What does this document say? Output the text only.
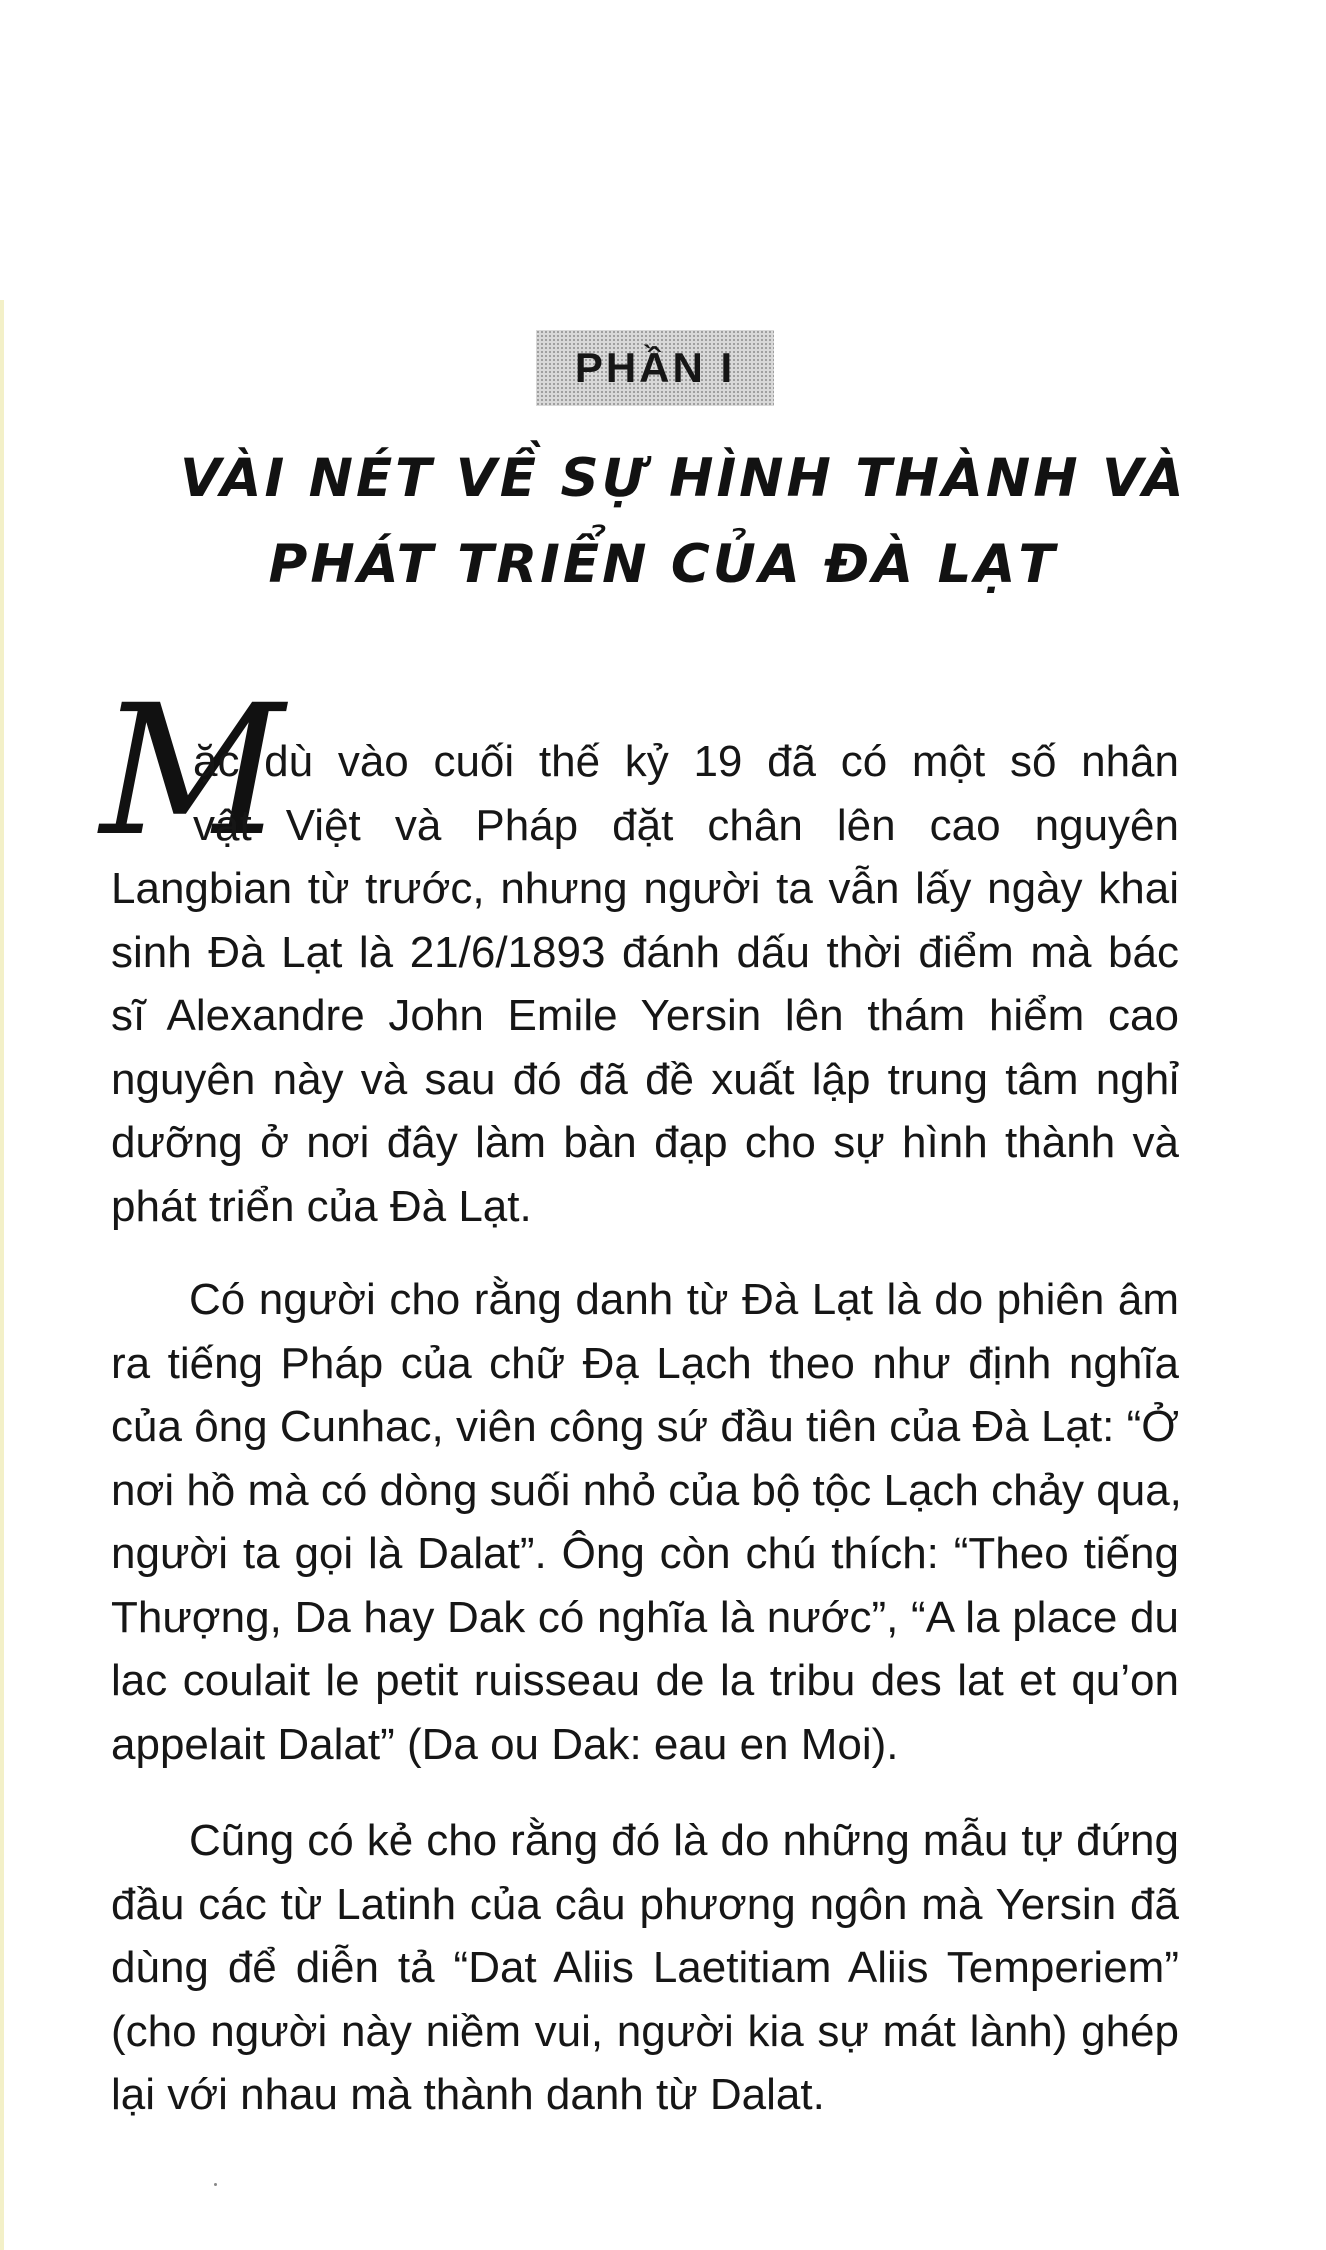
PHẦN I
VÀI NÉT VỀ SỰ HÌNH THÀNH VÀ
PHÁT TRIỂN CỦA ĐÀ LẠT
M
ặc dù vào cuối thế kỷ 19 đã có một số nhân
vật Việt và Pháp đặt chân lên cao nguyên
Langbian từ trước, nhưng người ta vẫn lấy ngày khai
sinh Đà Lạt là 21/6/1893 đánh dấu thời điểm mà bác
sĩ Alexandre John Emile Yersin lên thám hiểm cao
nguyên này và sau đó đã đề xuất lập trung tâm nghỉ
dưỡng ở nơi đây làm bàn đạp cho sự hình thành và
phát triển của Đà Lạt.
Có người cho rằng danh từ Đà Lạt là do phiên âm
ra tiếng Pháp của chữ Đạ Lạch theo như định nghĩa
của ông Cunhac, viên công sứ đầu tiên của Đà Lạt: “Ở
nơi hồ mà có dòng suối nhỏ của bộ tộc Lạch chảy qua,
người ta gọi là Dalat”. Ông còn chú thích: “Theo tiếng
Thượng, Da hay Dak có nghĩa là nước”, “A la place du
lac coulait le petit ruisseau de la tribu des lat et qu’on
appelait Dalat” (Da ou Dak: eau en Moi).
Cũng có kẻ cho rằng đó là do những mẫu tự đứng
đầu các từ Latinh của câu phương ngôn mà Yersin đã
dùng để diễn tả “Dat Aliis Laetitiam Aliis Temperiem”
(cho người này niềm vui, người kia sự mát lành) ghép
lại với nhau mà thành danh từ Dalat.
